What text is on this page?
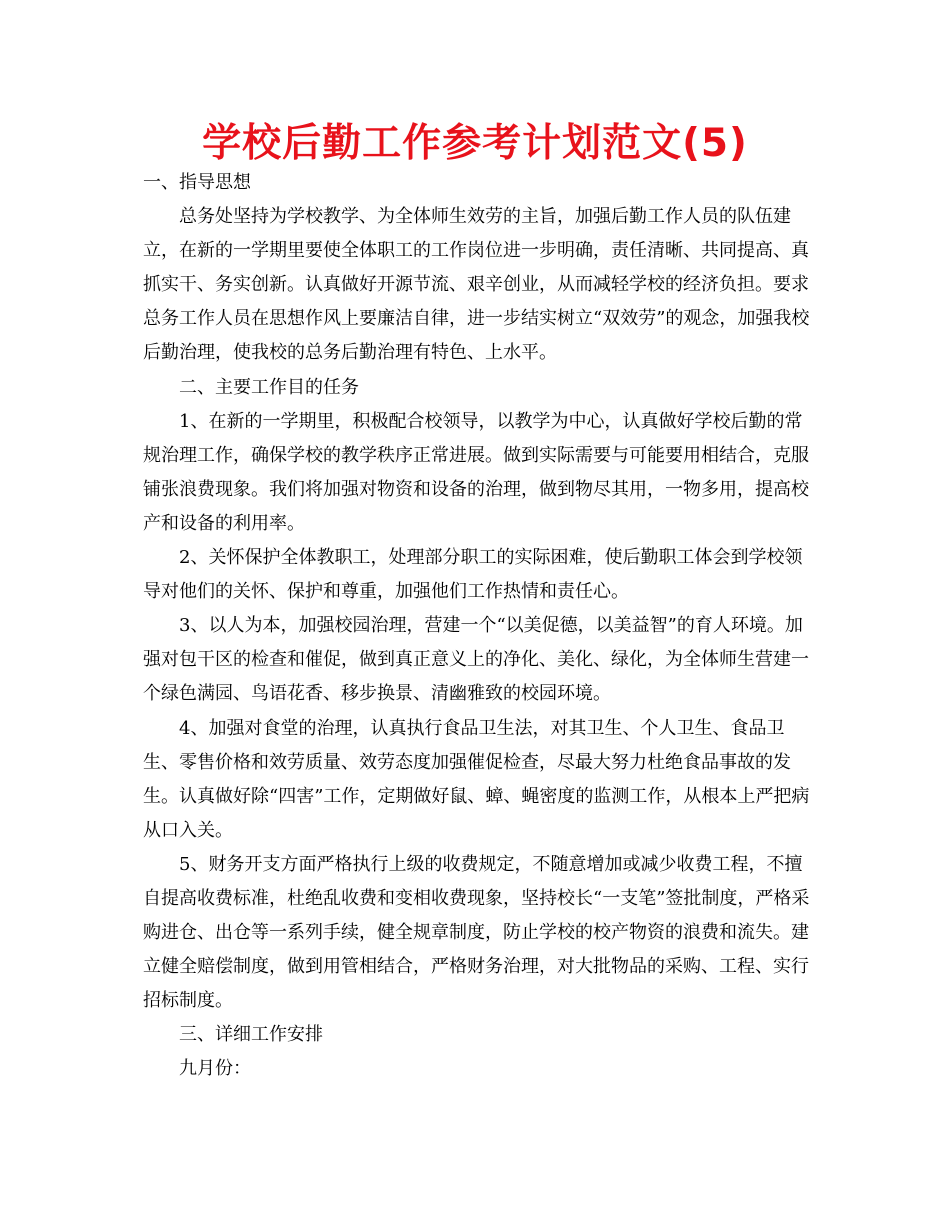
学校后勤工作参考计划范文(5)

一、指导思想

总务处坚持为学校教学、为全体师生效劳的主旨，加强后勤工作人员的队伍建立，在新的一学期里要使全体职工的工作岗位进一步明确，责任清晰、共同提高、真抓实干、务实创新。认真做好开源节流、艰辛创业，从而减轻学校的经济负担。要求总务工作人员在思想作风上要廉洁自律，进一步结实树立“双效劳”的观念，加强我校后勤治理，使我校的总务后勤治理有特色、上水平。

二、主要工作目的任务

1、在新的一学期里，积极配合校领导，以教学为中心，认真做好学校后勤的常规治理工作，确保学校的教学秩序正常进展。做到实际需要与可能要用相结合，克服铺张浪费现象。我们将加强对物资和设备的治理，做到物尽其用，一物多用，提高校产和设备的利用率。

2、关怀保护全体教职工，处理部分职工的实际困难，使后勤职工体会到学校领导对他们的关怀、保护和尊重，加强他们工作热情和责任心。

3、以人为本，加强校园治理，营建一个“以美促德，以美益智”的育人环境。加强对包干区的检查和催促，做到真正意义上的净化、美化、绿化，为全体师生营建一个绿色满园、鸟语花香、移步换景、清幽雅致的校园环境。

4、加强对食堂的治理，认真执行食品卫生法，对其卫生、个人卫生、食品卫生、零售价格和效劳质量、效劳态度加强催促检查，尽最大努力杜绝食品事故的发生。认真做好除“四害”工作，定期做好鼠、蟑、蝇密度的监测工作，从根本上严把病从口入关。

5、财务开支方面严格执行上级的收费规定，不随意增加或减少收费工程，不擅自提高收费标准，杜绝乱收费和变相收费现象，坚持校长“一支笔”签批制度，严格采购进仓、出仓等一系列手续，健全规章制度，防止学校的校产物资的浪费和流失。建立健全赔偿制度，做到用管相结合，严格财务治理，对大批物品的采购、工程、实行招标制度。

三、详细工作安排

九月份：
